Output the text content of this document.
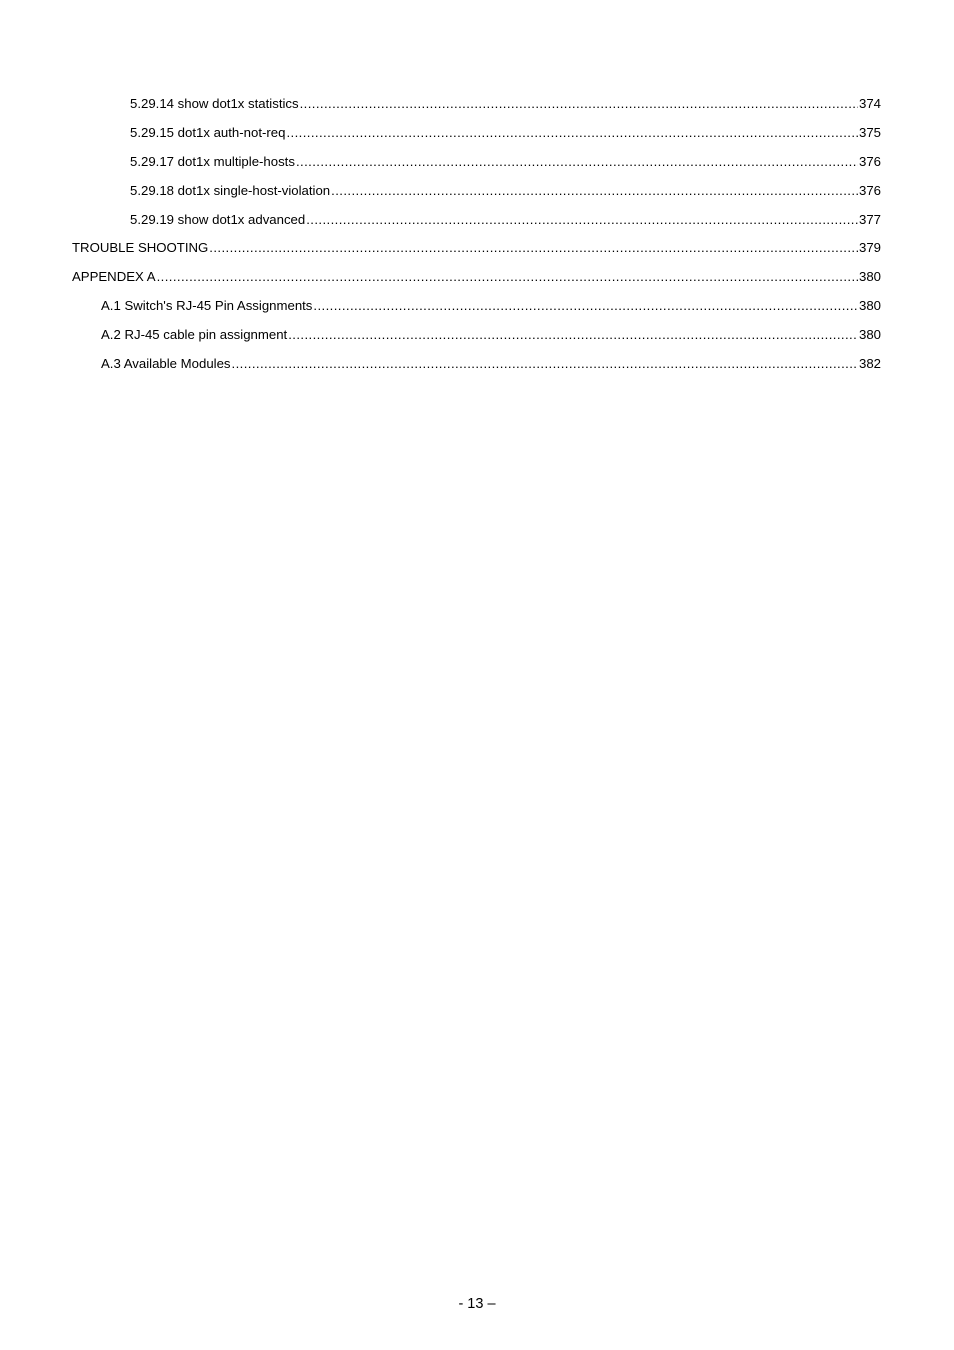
5.29.14 show dot1x statistics .....	374
5.29.15 dot1x auth-not-req .....	375
5.29.17 dot1x multiple-hosts .....	376
5.29.18 dot1x single-host-violation .....	376
5.29.19 show dot1x advanced .....	377
TROUBLE SHOOTING .....	379
APPENDEX A .....	380
A.1 Switch's RJ-45 Pin Assignments .....	380
A.2 RJ-45 cable pin assignment .....	380
A.3 Available Modules .....	382
- 13 –
